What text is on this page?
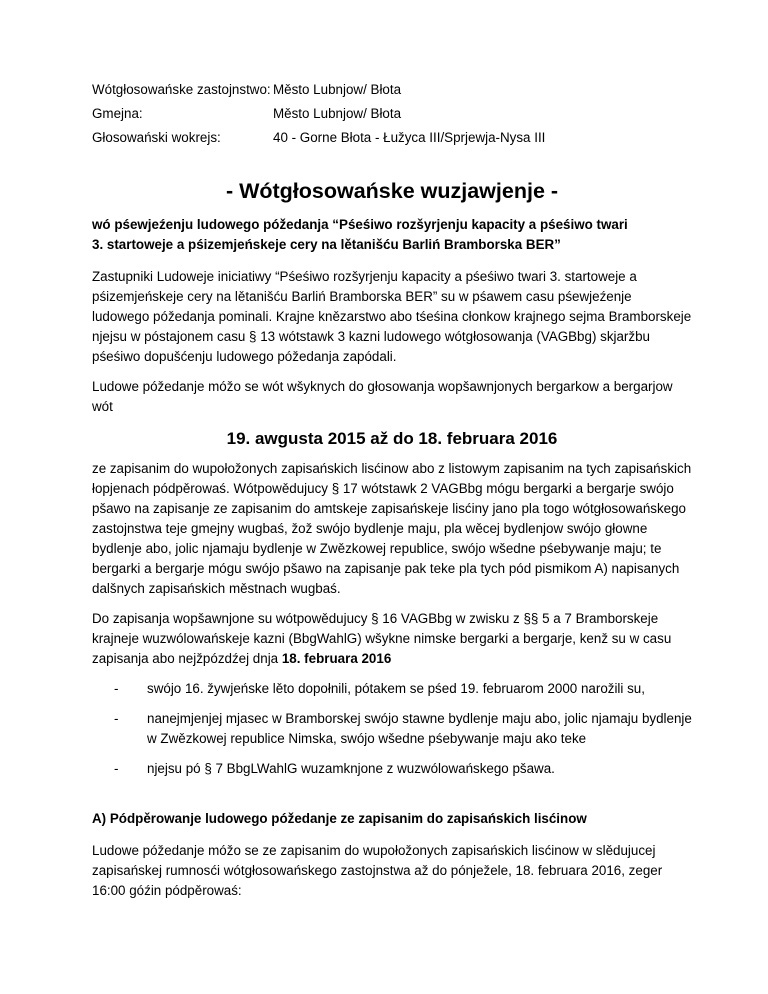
Wótgłosowańske zastojnstwo: Město Lubnjow/ Błota
Gmejna:	Město Lubnjow/ Błota
Głosowański wokrejs:	40 - Gorne Błota - Łužyca III/Sprjewja-Nysa III
- Wótgłosowańske wuzjawjenje -
wó pśewjeźenju ludowego póžedanja “Pśeśiwo rozšyrjenju kapacity a pśeśiwo twari
3. startoweje a pśizemjeńskeje cery na lětanišću Barliń Bramborska BER”

Zastupniki Ludoweje iniciatiwy “Pśeśiwo rozšyrjenju kapacity a pśeśiwo twari 3. startoweje a pśizemjeńskeje cery na lětanišću Barliń Bramborska BER” su w pśawem casu pśewjeźenje ludowego póžedanja pominali. Krajne knězarstwo abo tśeśina cłonkow krajnego sejma Bramborskeje njejsu w póstajonem casu § 13 wótstawk 3 kazni ludowego wótgłosowanja (VAGBbg) skjaržbu pśeśiwo dopušćenju ludowego póžedanja zapódali.

Ludowe póžedanje móžo se wót wšyknych do głosowanja wopšawnjonych bergarkow a bergarjow wót

19. awgusta 2015 až do 18. februara 2016

ze zapisanim do wupołožonych zapisańskich lisćinow abo z listowym zapisanim na tych zapisańskich łopjenach pódpěrowaś. Wótpowědujucy § 17 wótstawk 2 VAGBbg mógu bergarki a bergarje swójo pšawo na zapisanje ze zapisanim do amtskeje zapisańskeje lisćiny jano pla togo wótgłosowańskego zastojnstwa teje gmejny wugbaś, žož swójo bydlenje maju, pla wěcej bydlenjow swójo głowne bydlenje abo, jolic njamaju bydlenje w Zwězkowej republice, swójo wšedne pśebywanje maju; te bergarki a bergarje mógu swójo pšawo na zapisanje pak teke pla tych pód pismikom A) napisanych dalšnych zapisańskich městnach wugbaś.

Do zapisanja wopšawnjone su wótpowědujucy § 16 VAGBbg w zwisku z §§ 5 a 7 Bramborskeje krajneje wuzwólowańskeje kazni (BbgWahlG) wšykne nimske bergarki a bergarje, kenž su w casu zapisanja abo nejžpózdźej dnja 18. februara 2016

-	swójo 16. žywjeńske lěto dopołnili, pótakem se pśed 19. februarom 2000 narožili su,
-	nanejmjenjej mjasec w Bramborskej swójo stawne bydlenje maju abo, jolic njamaju bydlenje w Zwězkowej republice Nimska, swójo wšedne pśebywanje maju ako teke
-	njejsu pó § 7 BbgLWahlG wuzamknjone z wuzwólowańskego pšawa.
A) Pódpěrowanje ludowego póžedanje ze zapisanim do zapisańskich lisćinow

Ludowe póžedanje móžo se ze zapisanim do wupołožonych zapisańskich lisćinow w slědujucej zapisańskej rumnosći wótgłosowańskego zastojnstwa až do pónježele, 18. februara 2016, zeger 16:00 góźin pódpěrowaś:
